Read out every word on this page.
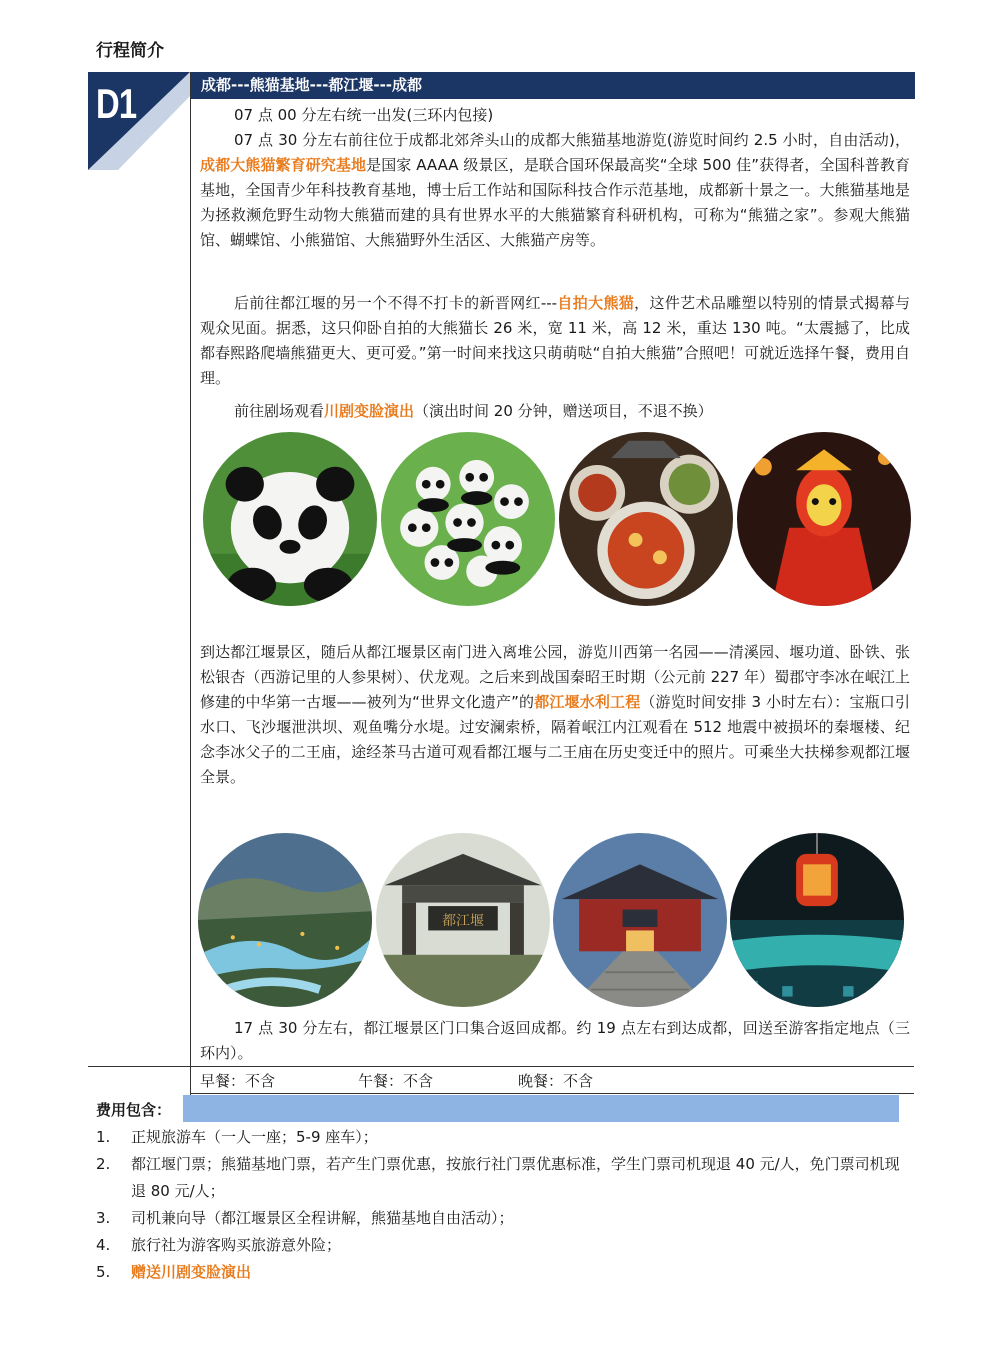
行程简介
D1	成都---熊猫基地---都江堰---成都

07 点 00 分左右统一出发(三环内包接)

07 点 30 分左右前往位于成都北郊斧头山的成都大熊猫基地游览(游览时间约 2.5 小时，自由活动)，成都大熊猫繁育研究基地是国家 AAAA 级景区，是联合国环保最高奖“全球 500 佳”获得者，全国科普教育基地，全国青少年科技教育基地，博士后工作站和国际科技合作示范基地，成都新十景之一。大熊猫基地是为拯救濒危野生动物大熊猫而建的具有世界水平的大熊猫繁育科研机构，可称为“熊猫之家”。参观大熊猫馆、蝴蝶馆、小熊猫馆、大熊猫野外生活区、大熊猫产房等。

后前往都江堰的另一个不得不打卡的新晋网红---自拍大熊猫，这件艺术品雕塑以特别的情景式揭幕与观众见面。据悉，这只仰卧自拍的大熊猫长 26 米，宽 11 米，高 12 米，重达 130 吨。“太震撼了，比成都春熙路爬墙熊猫更大、更可爱。”第一时间来找这只萌萌哒“自拍大熊猫”合照吧！可就近选择午餐，费用自理。

前往剧场观看川剧变脸演出（演出时间 20 分钟，赠送项目，不退不换）

到达都江堰景区，随后从都江堰景区南门进入离堆公园，游览川西第一名园——清溪园、堰功道、卧铁、张松银杏（西游记里的人参果树）、伏龙观。之后来到战国秦昭王时期（公元前 227 年）蜀郡守李冰在岷江上修建的中华第一古堰——被列为“世界文化遗产”的都江堰水利工程（游览时间安排 3 小时左右）：宝瓶口引水口、飞沙堰泄洪坝、观鱼嘴分水堤。过安澜索桥，隔着岷江内江观看在 512 地震中被损坏的秦堰楼、纪念李冰父子的二王庙，途经茶马古道可观看都江堰与二王庙在历史变迁中的照片。可乘坐大扶梯参观都江堰全景。

都江堰

17 点 30 分左右，都江堰景区门口集合返回成都。约 19 点左右到达成都，回送至游客指定地点（三环内）。

早餐：不含	午餐：不含	晚餐：不含
费用包含：
1. 正规旅游车（一人一座；5-9 座车）；
2. 都江堰门票；熊猫基地门票，若产生门票优惠，按旅行社门票优惠标准，学生门票司机现退 40 元/人，免门票司机现退 80 元/人；
3. 司机兼向导（都江堰景区全程讲解，熊猫基地自由活动）；
4. 旅行社为游客购买旅游意外险；
5. 赠送川剧变脸演出
